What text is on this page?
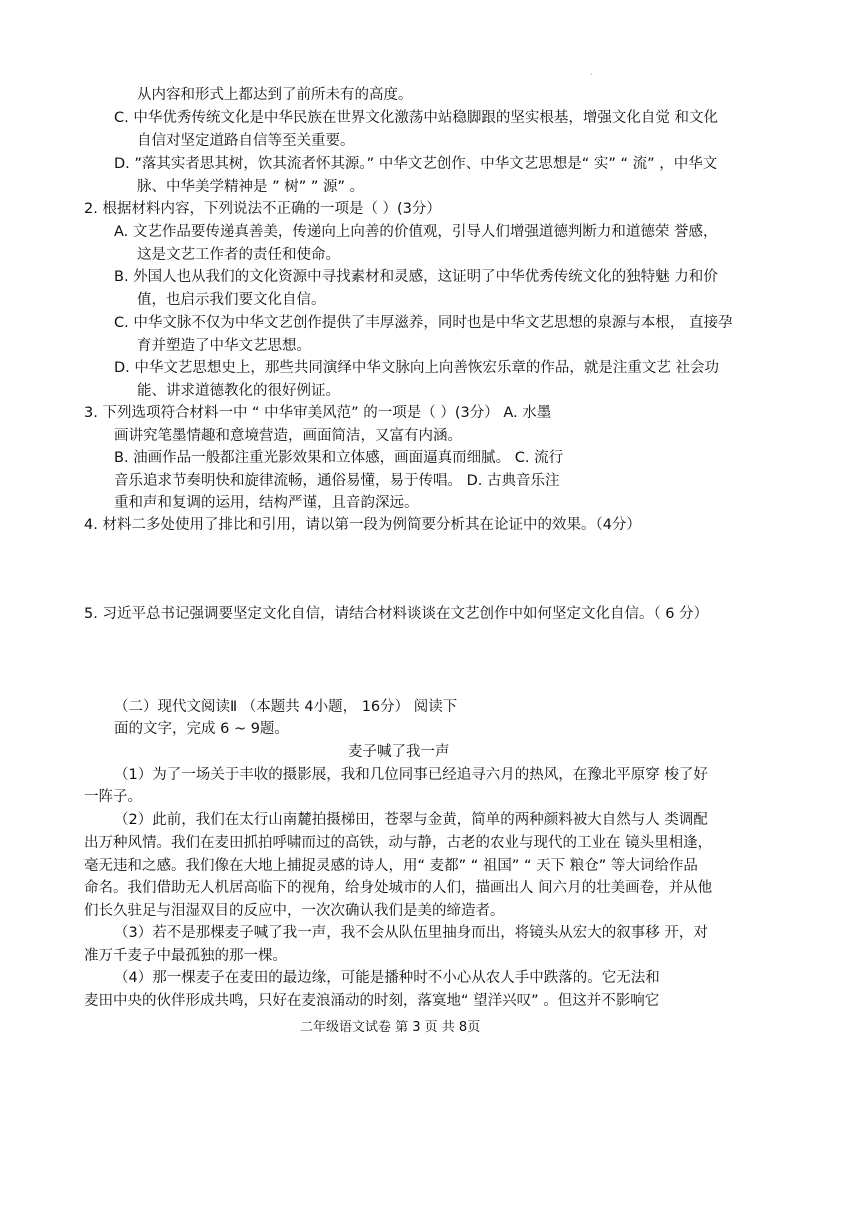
·
从内容和形式上都达到了前所未有的高度。
C. 中华优秀传统文化是中华民族在世界文化激荡中站稳脚跟的坚实根基，增强文化自觉 和文化
自信对坚定道路自信等至关重要。
D. ”落其实者思其树，饮其流者怀其源。” 中华文艺创作、中华文艺思想是“ 实” “ 流” ，中华文
脉、中华美学精神是 ” 树” ” 源” 。
2. 根据材料内容，下列说法不正确的一项是（ ）(3分）
A. 文艺作品要传递真善美，传递向上向善的价值观，引导人们增强道德判断力和道德荣 誉感，
这是文艺工作者的责任和使命。
B. 外国人也从我们的文化资源中寻找素材和灵感，这证明了中华优秀传统文化的独特魅 力和价
值，也启示我们要文化自信。
C. 中华文脉不仅为中华文艺创作提供了丰厚滋养，同时也是中华文艺思想的泉源与本根， 直接孕
育并塑造了中华文艺思想。
D. 中华文艺思想史上，那些共同演绎中华文脉向上向善恢宏乐章的作品，就是注重文艺 社会功
能、讲求道德教化的很好例证。
3. 下列选项符合材料一中 “ 中华审美风范” 的一项是（ ）(3分） A. 水墨
画讲究笔墨情趣和意境营造，画面简洁，又富有内涵。
B. 油画作品一般都注重光影效果和立体感，画面逼真而细腻。 C. 流行
音乐追求节奏明快和旋律流畅，通俗易懂，易于传唱。 D. 古典音乐注
重和声和复调的运用，结构严谨，且音韵深远。
4. 材料二多处使用了排比和引用，请以第一段为例简要分析其在论证中的效果。（4分）
5. 习近平总书记强调要坚定文化自信，请结合材料谈谈在文艺创作中如何坚定文化自信。（ 6 分）
（二）现代文阅读Ⅱ （本题共 4小题， 16分） 阅读下
面的文字，完成 6 ~ 9题。
麦子喊了我一声
（1）为了一场关于丰收的摄影展，我和几位同事已经追寻六月的热风，在豫北平原穿 梭了好
一阵子。
（2）此前，我们在太行山南麓拍摄梯田，苍翠与金黄，简单的两种颜料被大自然与人 类调配
出万种风情。我们在麦田抓拍呼啸而过的高铁，动与静，古老的农业与现代的工业在 镜头里相逢，
毫无违和之感。我们像在大地上捕捉灵感的诗人，用“ 麦都” “ 祖国” “ 天下 粮仓” 等大词给作品
命名。我们借助无人机居高临下的视角，给身处城市的人们，描画出人 间六月的壮美画卷，并从他
们长久驻足与泪湿双目的反应中，一次次确认我们是美的缔造者。
（3）若不是那棵麦子喊了我一声，我不会从队伍里抽身而出，将镜头从宏大的叙事移 开，对
准万千麦子中最孤独的那一棵。
（4）那一棵麦子在麦田的最边缘，可能是播种时不小心从农人手中跌落的。它无法和
麦田中央的伙伴形成共鸣，只好在麦浪涌动的时刻，落寞地“ 望洋兴叹” 。但这并不影响它
二年级语文试卷 第 3 页 共 8页
